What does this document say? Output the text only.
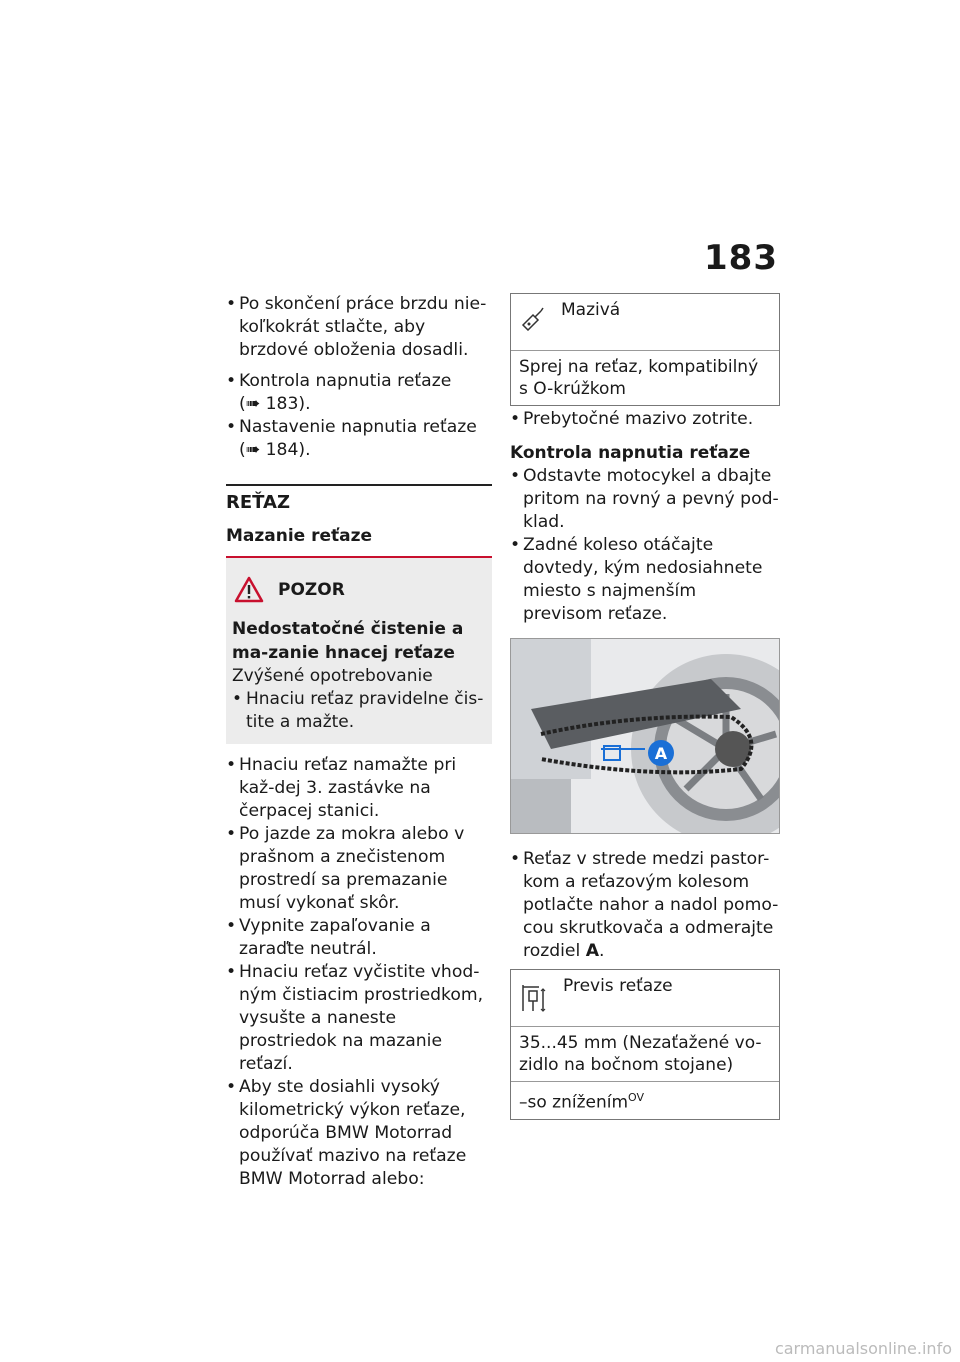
183

• Po skončení práce brzdu nie-koľkokrát stlačte, aby brzdové obloženia dosadli.

• Kontrola napnutia reťaze
(➠ 183).

• Nastavenie napnutia reťaze
(➠ 184).

REŤAZ
Mazanie reťaze
POZOR
Nedostatočné čistenie a ma-zanie hnacej reťaze
Zvýšené opotrebovanie
• Hnaciu reťaz pravidelne čis-tite a mažte.

• Hnaciu reťaz namažte pri kaž-dej 3. zastávke na čerpacej stanici.

• Po jazde za mokra alebo v prašnom a znečistenom prostredí sa premazanie musí vykonať skôr.

• Vypnite zapaľovanie a zaraďte neutrál.

• Hnaciu reťaz vyčistite vhod-ným čistiacim prostriedkom, vysušte a naneste prostriedok na mazanie reťazí.

• Aby ste dosiahli vysoký kilometrický výkon reťaze, odporúča BMW Motorrad používať mazivo na reťaze BMW Motorrad alebo:

Mazivá
Sprej na reťaz, kompatibilný s O-krúžkom

• Prebytočné mazivo zotrite.

Kontrola napnutia reťaze

• Odstavte motocykel a dbajte pritom na rovný a pevný pod-klad.

• Zadné koleso otáčajte dovtedy, kým nedosiahnete miesto s najmenším previsom reťaze.

A

• Reťaz v strede medzi pastor-kom a reťazovým kolesom potlačte nahor a nadol pomo-cou skrutkovača a odmerajte rozdiel A.

Previs reťaze
35...45 mm (Nezaťažené vo-zidlo na bočnom stojane)
–so znížením$^{OV}$
carmanualsonline.info
